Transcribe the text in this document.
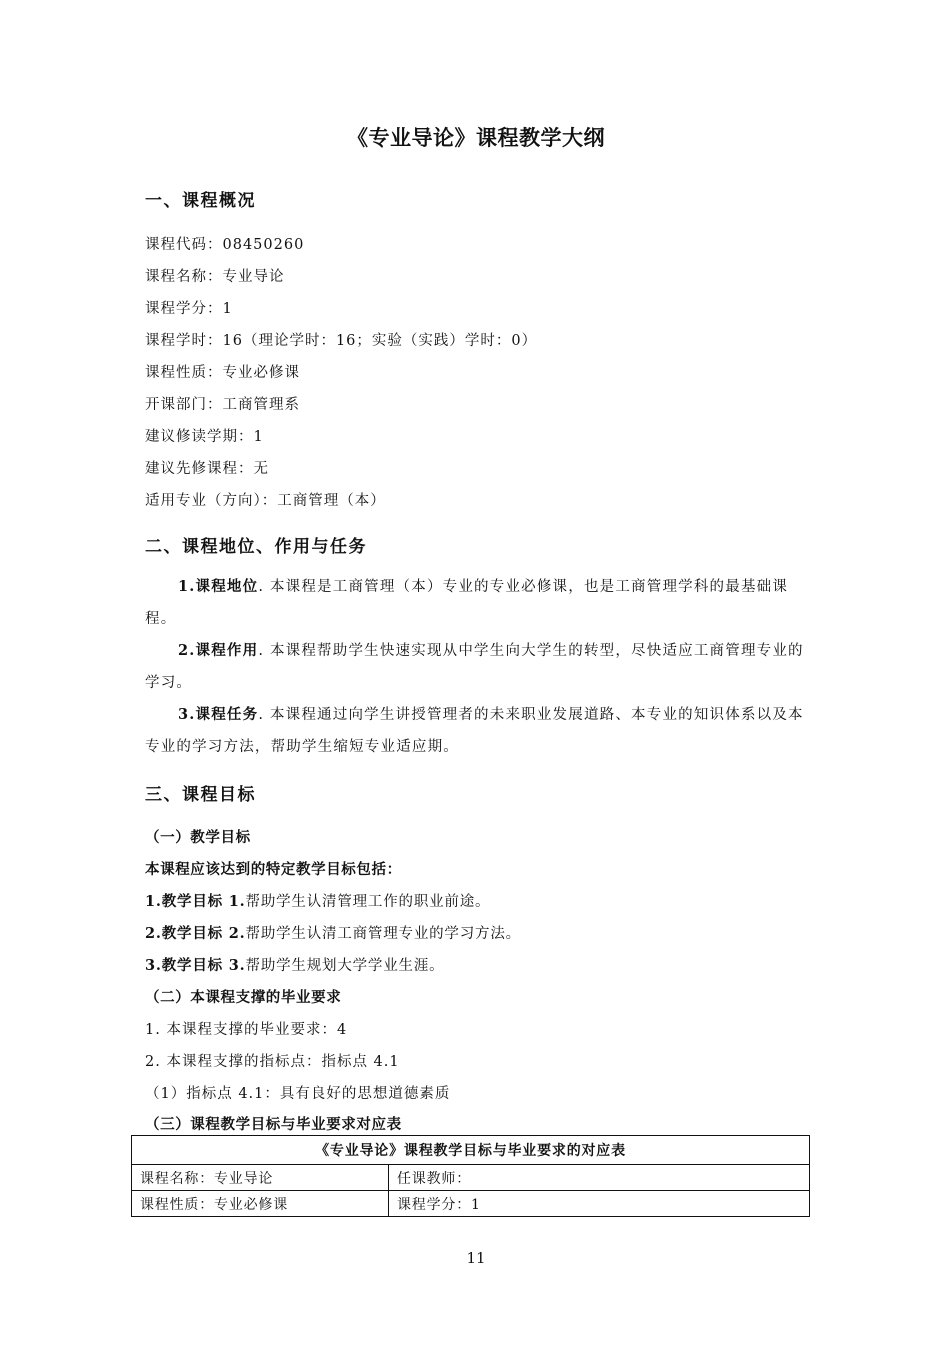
《专业导论》课程教学大纲
一、课程概况
课程代码：08450260
课程名称：专业导论
课程学分：1
课程学时：16（理论学时：16；实验（实践）学时：0）
课程性质：专业必修课
开课部门：工商管理系
建议修读学期：1
建议先修课程：无
适用专业（方向）：工商管理（本）
二、课程地位、作用与任务
1.课程地位. 本课程是工商管理（本）专业的专业必修课，也是工商管理学科的最基础课程。
2.课程作用. 本课程帮助学生快速实现从中学生向大学生的转型，尽快适应工商管理专业的学习。
3.课程任务. 本课程通过向学生讲授管理者的未来职业发展道路、本专业的知识体系以及本专业的学习方法，帮助学生缩短专业适应期。
三、课程目标
（一）教学目标
本课程应该达到的特定教学目标包括：
1.教学目标 1.帮助学生认清管理工作的职业前途。
2.教学目标 2.帮助学生认清工商管理专业的学习方法。
3.教学目标 3.帮助学生规划大学学业生涯。
（二）本课程支撑的毕业要求
1. 本课程支撑的毕业要求：4
2. 本课程支撑的指标点：指标点 4.1
（1）指标点 4.1：具有良好的思想道德素质
（三）课程教学目标与毕业要求对应表
《专业导论》课程教学目标与毕业要求的对应表	
课程名称：专业导论	任课教师：
课程性质：专业必修课	课程学分：1
11
